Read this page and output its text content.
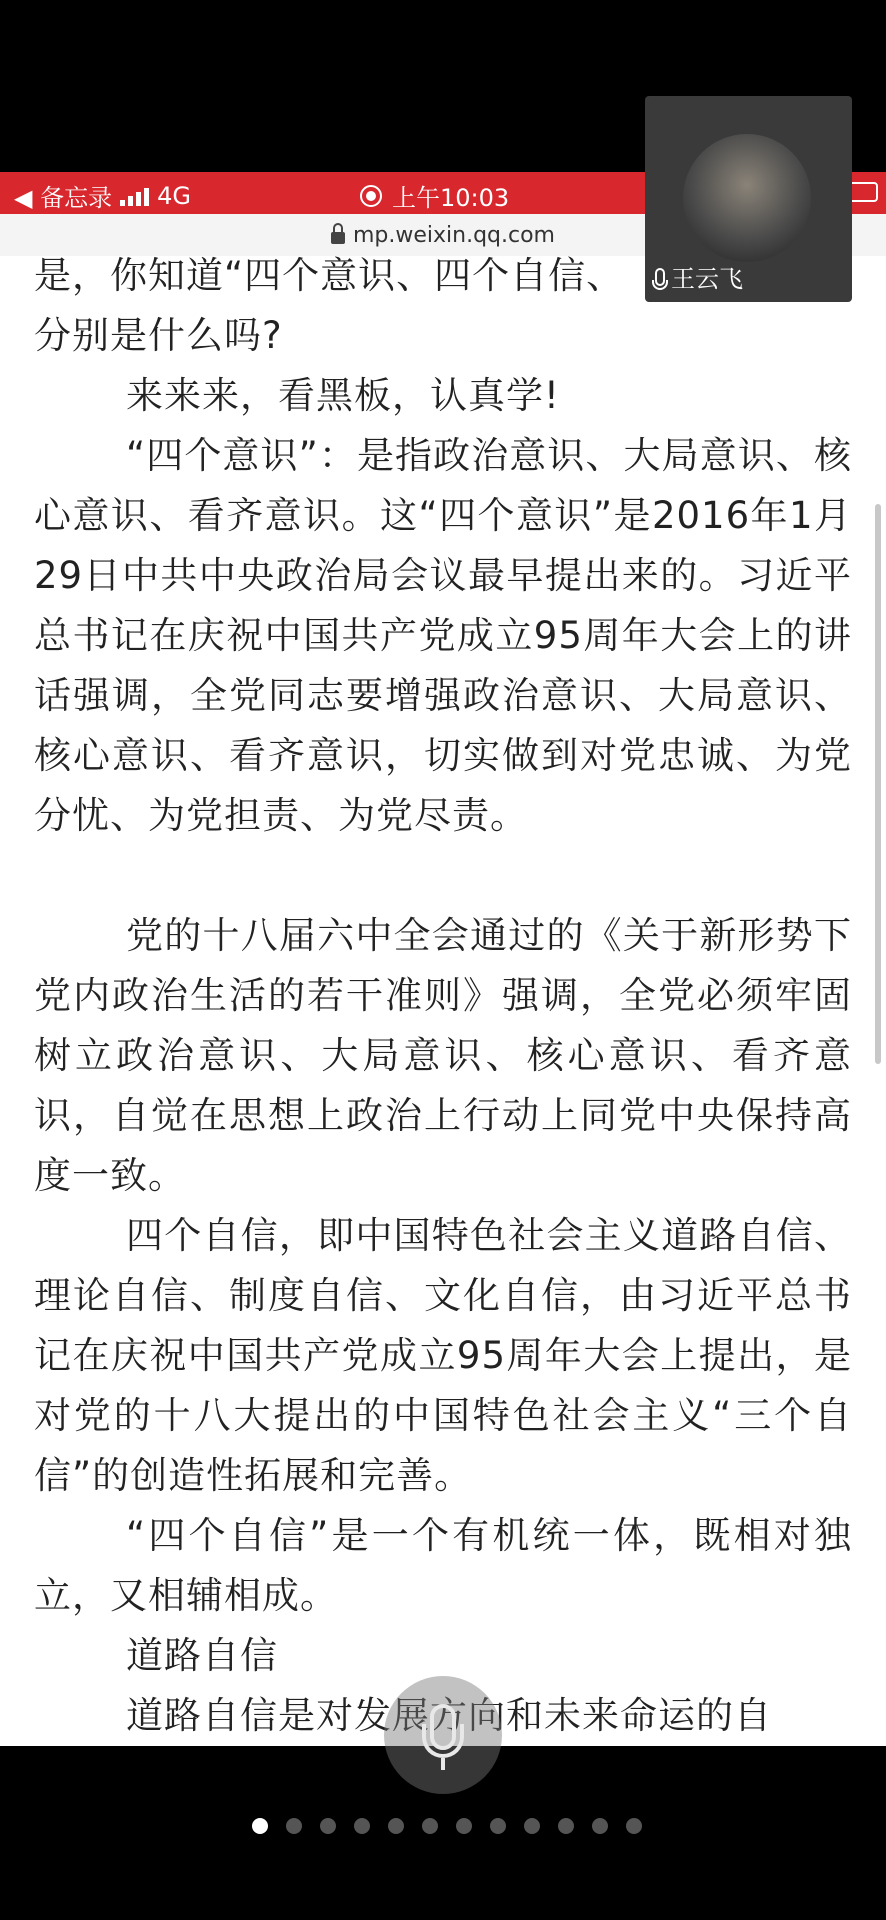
◀ 备忘录 4G	上午10:03
mp.weixin.qq.com

是，你知道“四个意识、四个自信、

分别是什么吗?

来来来，看黑板，认真学!

“四个意识”：是指政治意识、大局意识、核心意识、看齐意识。这“四个意识”是2016年1月29日中共中央政治局会议最早提出来的。习近平总书记在庆祝中国共产党成立95周年大会上的讲话强调，全党同志要增强政治意识、大局意识、核心意识、看齐意识，切实做到对党忠诚、为党分忧、为党担责、为党尽责。

党的十八届六中全会通过的《关于新形势下党内政治生活的若干准则》强调，全党必须牢固树立政治意识、大局意识、核心意识、看齐意识，自觉在思想上政治上行动上同党中央保持高度一致。

四个自信，即中国特色社会主义道路自信、理论自信、制度自信、文化自信，由习近平总书记在庆祝中国共产党成立95周年大会上提出，是对党的十八大提出的中国特色社会主义“三个自信”的创造性拓展和完善。

“四个自信”是一个有机统一体，既相对独立，又相辅相成。

道路自信

道路自信是对发展方向和未来命运的自

王云飞
